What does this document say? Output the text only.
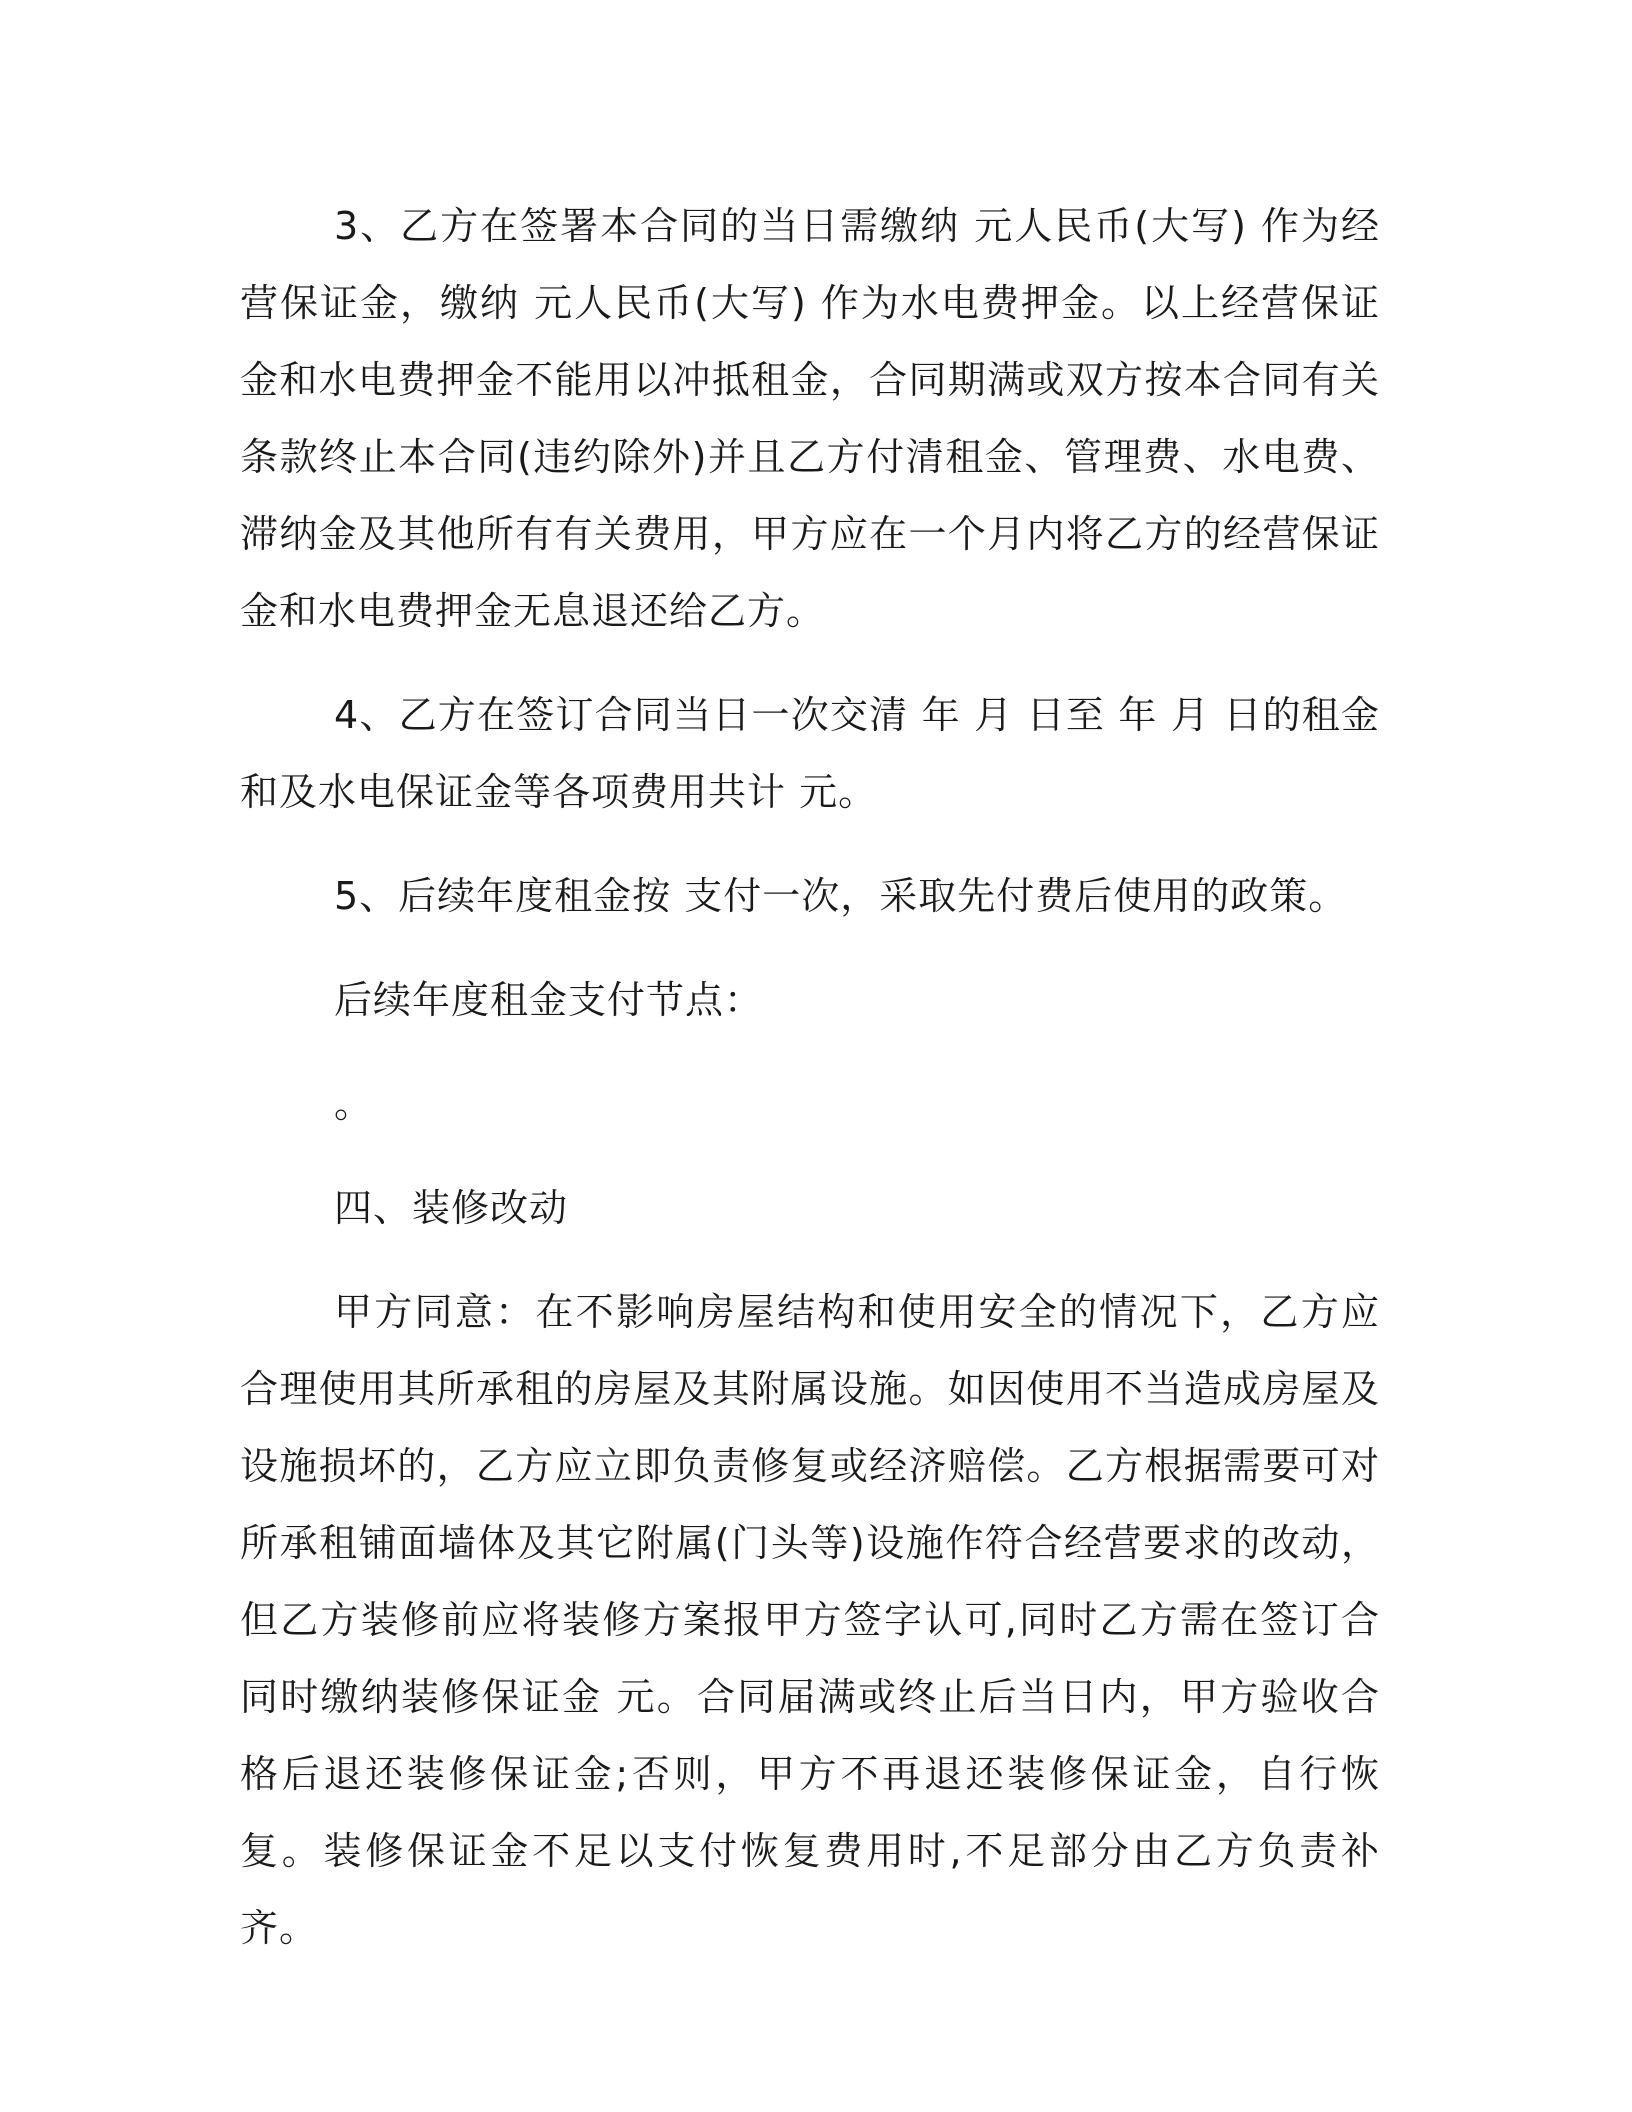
3、乙方在签署本合同的当日需缴纳 元人民币(大写) 作为经营保证金，缴纳 元人民币(大写) 作为水电费押金。以上经营保证金和水电费押金不能用以冲抵租金，合同期满或双方按本合同有关条款终止本合同(违约除外)并且乙方付清租金、管理费、水电费、滞纳金及其他所有有关费用，甲方应在一个月内将乙方的经营保证金和水电费押金无息退还给乙方。

4、乙方在签订合同当日一次交清 年 月 日至 年 月 日的租金和及水电保证金等各项费用共计 元。

5、后续年度租金按 支付一次，采取先付费后使用的政策。

后续年度租金支付节点：

。

四、装修改动

甲方同意：在不影响房屋结构和使用安全的情况下，乙方应合理使用其所承租的房屋及其附属设施。如因使用不当造成房屋及设施损坏的，乙方应立即负责修复或经济赔偿。乙方根据需要可对所承租铺面墙体及其它附属(门头等)设施作符合经营要求的改动，但乙方装修前应将装修方案报甲方签字认可,同时乙方需在签订合同时缴纳装修保证金 元。合同届满或终止后当日内，甲方验收合格后退还装修保证金;否则，甲方不再退还装修保证金，自行恢复。装修保证金不足以支付恢复费用时,不足部分由乙方负责补齐。
